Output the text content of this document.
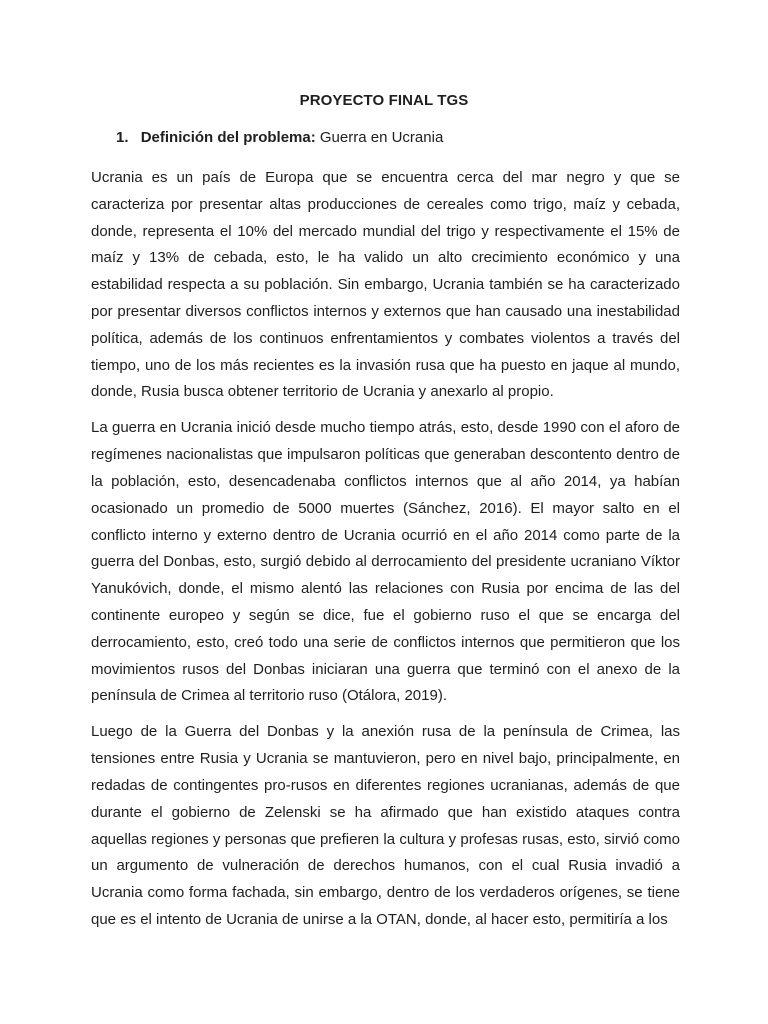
PROYECTO FINAL TGS
1. Definición del problema: Guerra en Ucrania

Ucrania es un país de Europa que se encuentra cerca del mar negro y que se caracteriza por presentar altas producciones de cereales como trigo, maíz y cebada, donde, representa el 10% del mercado mundial del trigo y respectivamente el 15% de maíz y 13% de cebada, esto, le ha valido un alto crecimiento económico y una estabilidad respecta a su población. Sin embargo, Ucrania también se ha caracterizado por presentar diversos conflictos internos y externos que han causado una inestabilidad política, además de los continuos enfrentamientos y combates violentos a través del tiempo, uno de los más recientes es la invasión rusa que ha puesto en jaque al mundo, donde, Rusia busca obtener territorio de Ucrania y anexarlo al propio.

La guerra en Ucrania inició desde mucho tiempo atrás, esto, desde 1990 con el aforo de regímenes nacionalistas que impulsaron políticas que generaban descontento dentro de la población, esto, desencadenaba conflictos internos que al año 2014, ya habían ocasionado un promedio de 5000 muertes (Sánchez, 2016). El mayor salto en el conflicto interno y externo dentro de Ucrania ocurrió en el año 2014 como parte de la guerra del Donbas, esto, surgió debido al derrocamiento del presidente ucraniano Víktor Yanukóvich, donde, el mismo alentó las relaciones con Rusia por encima de las del continente europeo y según se dice, fue el gobierno ruso el que se encarga del derrocamiento, esto, creó todo una serie de conflictos internos que permitieron que los movimientos rusos del Donbas iniciaran una guerra que terminó con el anexo de la península de Crimea al territorio ruso (Otálora, 2019).

Luego de la Guerra del Donbas y la anexión rusa de la península de Crimea, las tensiones entre Rusia y Ucrania se mantuvieron, pero en nivel bajo, principalmente, en redadas de contingentes pro-rusos en diferentes regiones ucranianas, además de que durante el gobierno de Zelenski se ha afirmado que han existido ataques contra aquellas regiones y personas que prefieren la cultura y profesas rusas, esto, sirvió como un argumento de vulneración de derechos humanos, con el cual Rusia invadió a Ucrania como forma fachada, sin embargo, dentro de los verdaderos orígenes, se tiene que es el intento de Ucrania de unirse a la OTAN, donde, al hacer esto, permitiría a los
